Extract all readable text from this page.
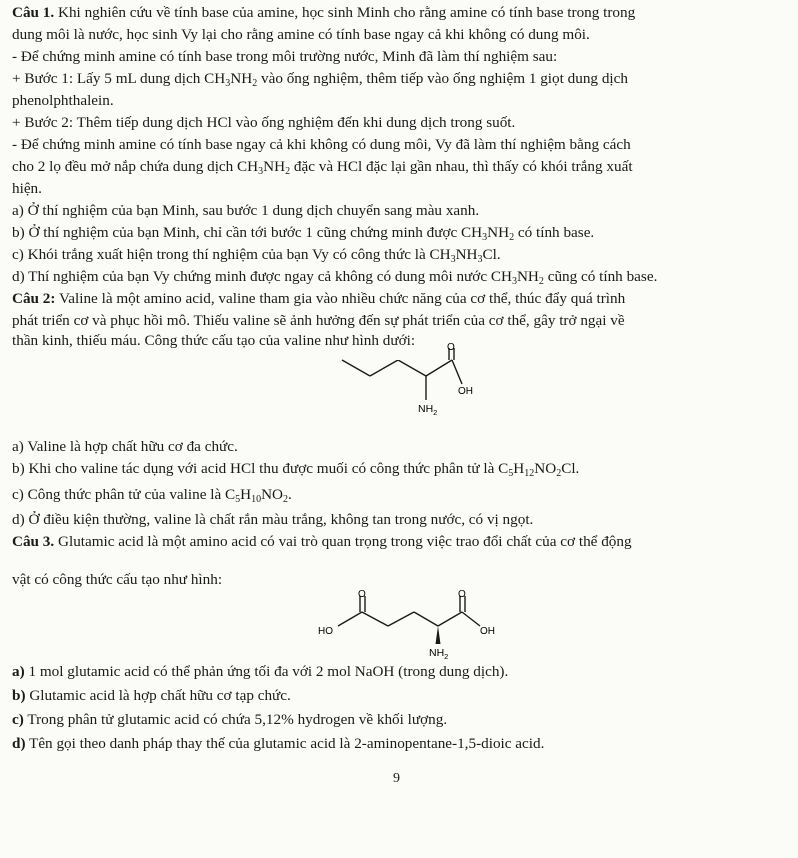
Câu 1. Khi nghiên cứu về tính base của amine, học sinh Minh cho rằng amine có tính base trong trong
dung môi là nước, học sinh Vy lại cho rằng amine có tính base ngay cả khi không có dung môi.
- Để chứng minh amine có tính base trong môi trường nước, Minh đã làm thí nghiệm sau:
+ Bước 1: Lấy 5 mL dung dịch $CH_3NH_2$ vào ống nghiệm, thêm tiếp vào ống nghiệm 1 giọt dung dịch
phenolphthalein.
+ Bước 2: Thêm tiếp dung dịch HCl vào ống nghiệm đến khi dung dịch trong suốt.
- Để chứng minh amine có tính base ngay cả khi không có dung môi, Vy đã làm thí nghiệm bằng cách
cho 2 lọ đều mở nắp chứa dung dịch $CH_3NH_2$ đặc và HCl đặc lại gần nhau, thì thấy có khói trắng xuất
hiện.
a) Ở thí nghiệm của bạn Minh, sau bước 1 dung dịch chuyển sang màu xanh.
b) Ở thí nghiệm của bạn Minh, chỉ cần tới bước 1 cũng chứng minh được $CH_3NH_2$ có tính base.
c) Khói trắng xuất hiện trong thí nghiệm của bạn Vy có công thức là $CH_3NH_3Cl$.
d) Thí nghiệm của bạn Vy chứng minh được ngay cả không có dung môi nước $CH_3NH_2$ cũng có tính base.
Câu 2: Valine là một amino acid, valine tham gia vào nhiều chức năng của cơ thể, thúc đẩy quá trình
phát triển cơ và phục hồi mô. Thiếu valine sẽ ảnh hưởng đến sự phát triển của cơ thể, gây trở ngại về
thần kinh, thiếu máu. Công thức cấu tạo của valine như hình dưới:	O
OH
$NH_2$
a) Valine là hợp chất hữu cơ đa chức.
b) Khi cho valine tác dụng với acid HCl thu được muối có công thức phân tử là $C_5H_{12}NO_2Cl$.
c) Công thức phân tử của valine là $C_5H_{10}NO_2$.
d) Ở điều kiện thường, valine là chất rắn màu trắng, không tan trong nước, có vị ngọt.
Câu 3. Glutamic acid là một amino acid có vai trò quan trọng trong việc trao đổi chất của cơ thể động
vật có công thức cấu tạo như hình:
O	O
HO	OH
$NH_2$
a) 1 mol glutamic acid có thể phản ứng tối đa với 2 mol NaOH (trong dung dịch).
b) Glutamic acid là hợp chất hữu cơ tạp chức.
c) Trong phân tử glutamic acid có chứa 5,12% hydrogen về khối lượng.
d) Tên gọi theo danh pháp thay thế của glutamic acid là 2-aminopentane-1,5-dioic acid.
9
